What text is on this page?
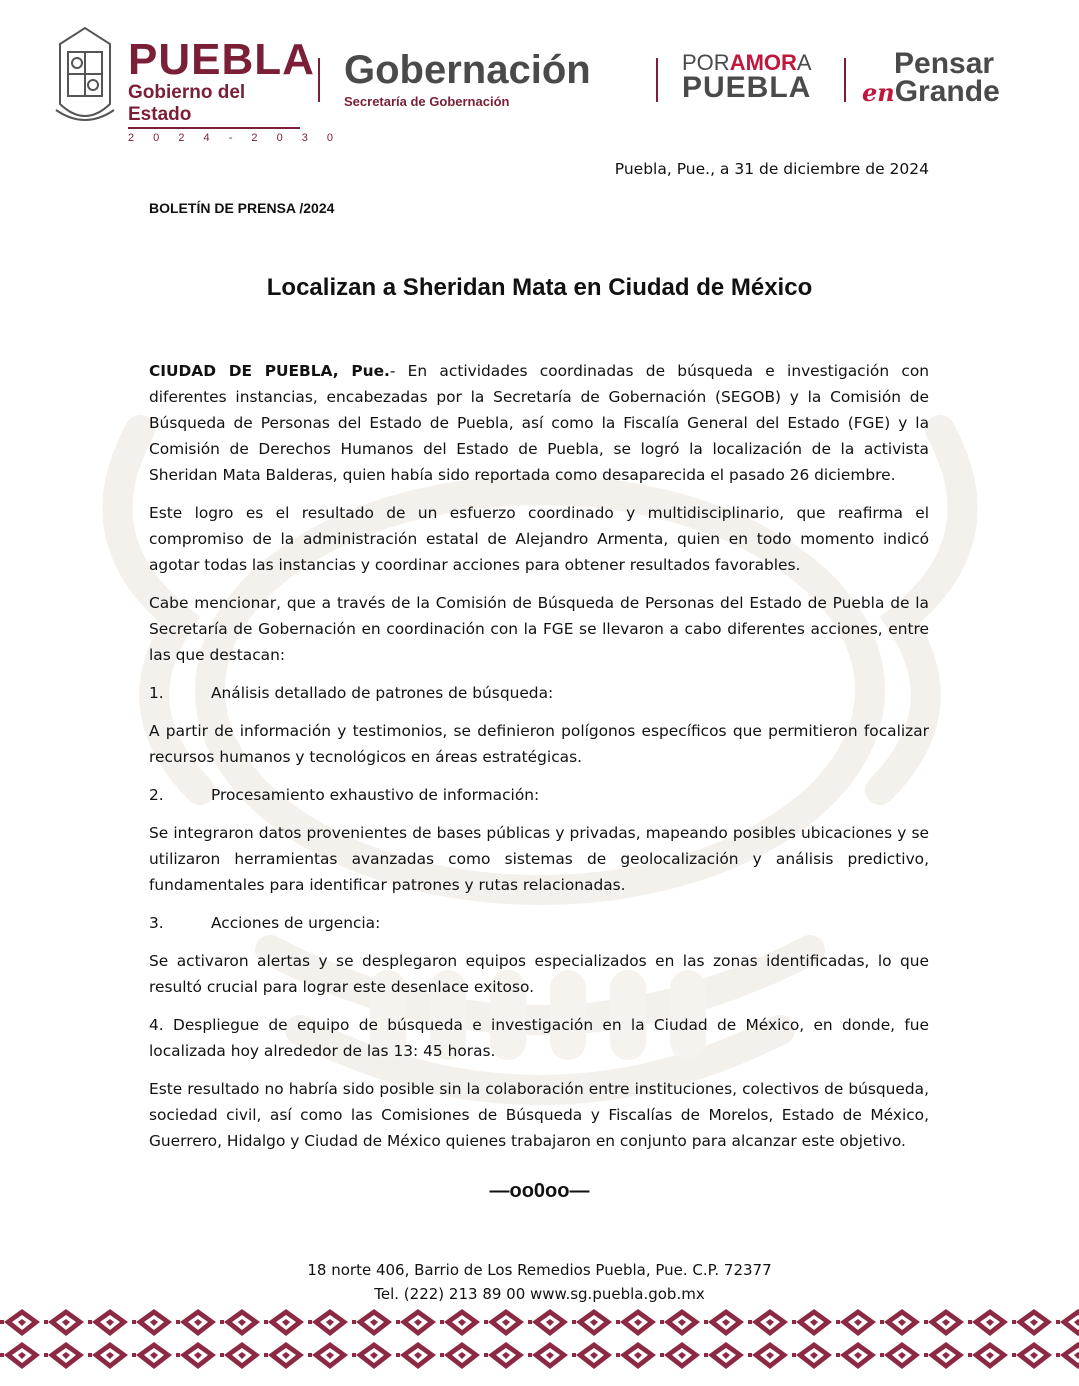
PUEBLA
Gobierno del Estado
2 0 2 4 - 2 0 3 0
Gobernación
Secretaría de Gobernación
PORAMORA
PUEBLA
Pensar
enGrande
Puebla, Pue., a 31 de diciembre de 2024
BOLETÍN DE PRENSA /2024
Localizan a Sheridan Mata en Ciudad de México

CIUDAD DE PUEBLA, Pue.- En actividades coordinadas de búsqueda e investigación con diferentes instancias, encabezadas por la Secretaría de Gobernación (SEGOB) y la Comisión de Búsqueda de Personas del Estado de Puebla, así como la Fiscalía General del Estado (FGE) y la Comisión de Derechos Humanos del Estado de Puebla, se logró la localización de la activista Sheridan Mata Balderas, quien había sido reportada como desaparecida el pasado 26 diciembre.

Este logro es el resultado de un esfuerzo coordinado y multidisciplinario, que reafirma el compromiso de la administración estatal de Alejandro Armenta, quien en todo momento indicó agotar todas las instancias y coordinar acciones para obtener resultados favorables.

Cabe mencionar, que a través de la Comisión de Búsqueda de Personas del Estado de Puebla de la Secretaría de Gobernación en coordinación con la FGE se llevaron a cabo diferentes acciones, entre las que destacan:

1.	Análisis detallado de patrones de búsqueda:

A partir de información y testimonios, se definieron polígonos específicos que permitieron focalizar recursos humanos y tecnológicos en áreas estratégicas.

2.	Procesamiento exhaustivo de información:

Se integraron datos provenientes de bases públicas y privadas, mapeando posibles ubicaciones y se utilizaron herramientas avanzadas como sistemas de geolocalización y análisis predictivo, fundamentales para identificar patrones y rutas relacionadas.

3.	Acciones de urgencia:

Se activaron alertas y se desplegaron equipos especializados en las zonas identificadas, lo que resultó crucial para lograr este desenlace exitoso.

4. Despliegue de equipo de búsqueda e investigación en la Ciudad de México, en donde, fue localizada hoy alrededor de las 13: 45 horas.

Este resultado no habría sido posible sin la colaboración entre instituciones, colectivos de búsqueda, sociedad civil, así como las Comisiones de Búsqueda y Fiscalías de Morelos, Estado de México, Guerrero, Hidalgo y Ciudad de México quienes trabajaron en conjunto para alcanzar este objetivo.

—oo0oo—
18 norte 406, Barrio de Los Remedios Puebla, Pue. C.P. 72377
Tel. (222) 213 89 00 www.sg.puebla.gob.mx
